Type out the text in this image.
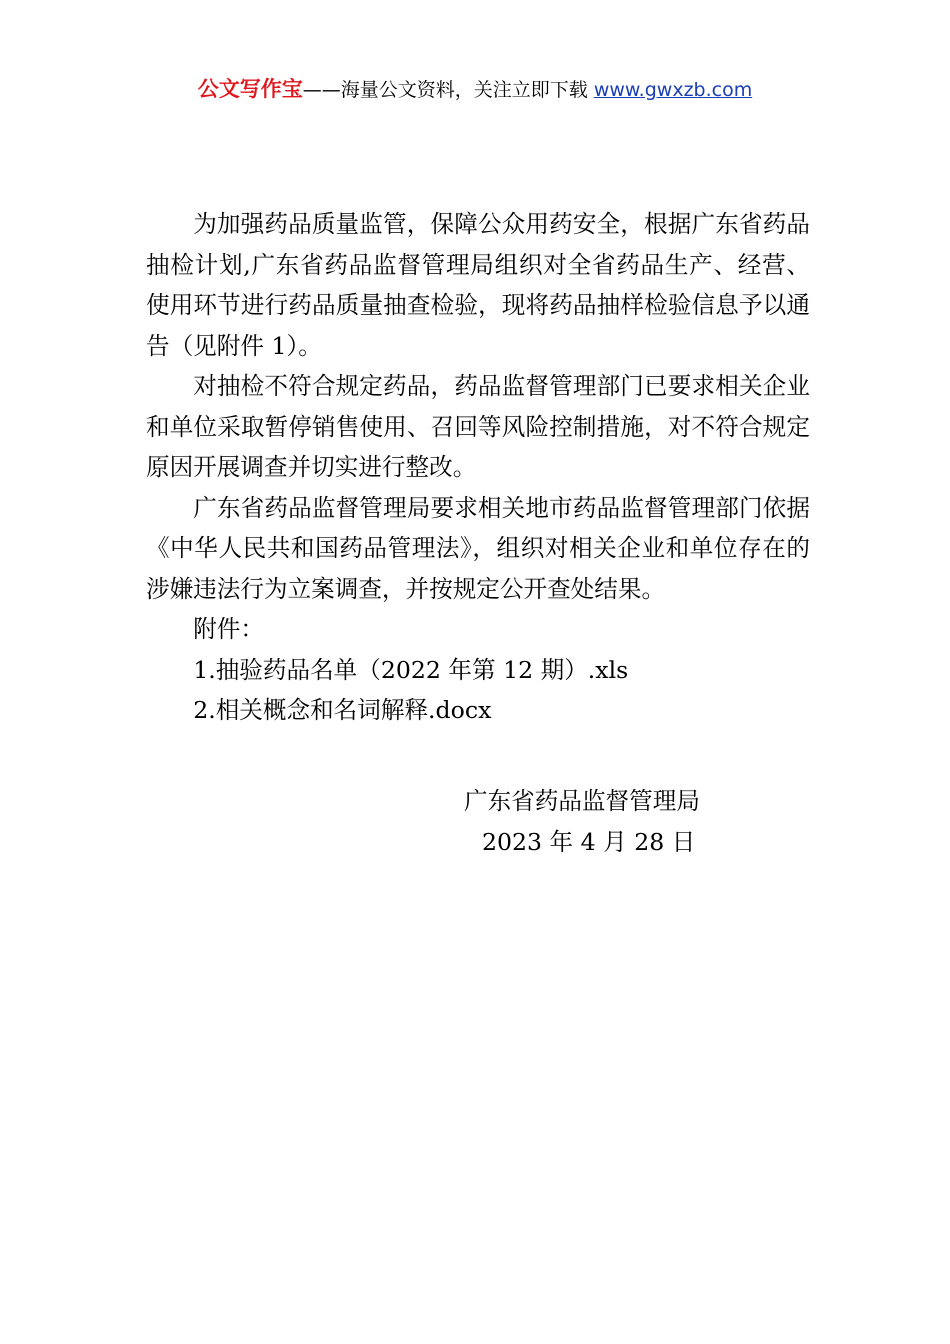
公文写作宝——海量公文资料，关注立即下载 www.gwxzb.com

为加强药品质量监管，保障公众用药安全，根据广东省药品抽检计划,广东省药品监督管理局组织对全省药品生产、经营、使用环节进行药品质量抽查检验，现将药品抽样检验信息予以通告（见附件 1）。

对抽检不符合规定药品，药品监督管理部门已要求相关企业和单位采取暂停销售使用、召回等风险控制措施，对不符合规定原因开展调查并切实进行整改。

广东省药品监督管理局要求相关地市药品监督管理部门依据《中华人民共和国药品管理法》，组织对相关企业和单位存在的涉嫌违法行为立案调查，并按规定公开查处结果。

附件：

1.抽验药品名单（2022 年第 12 期）.xls

2.相关概念和名词解释.docx

广东省药品监督管理局
2023 年 4 月 28 日
